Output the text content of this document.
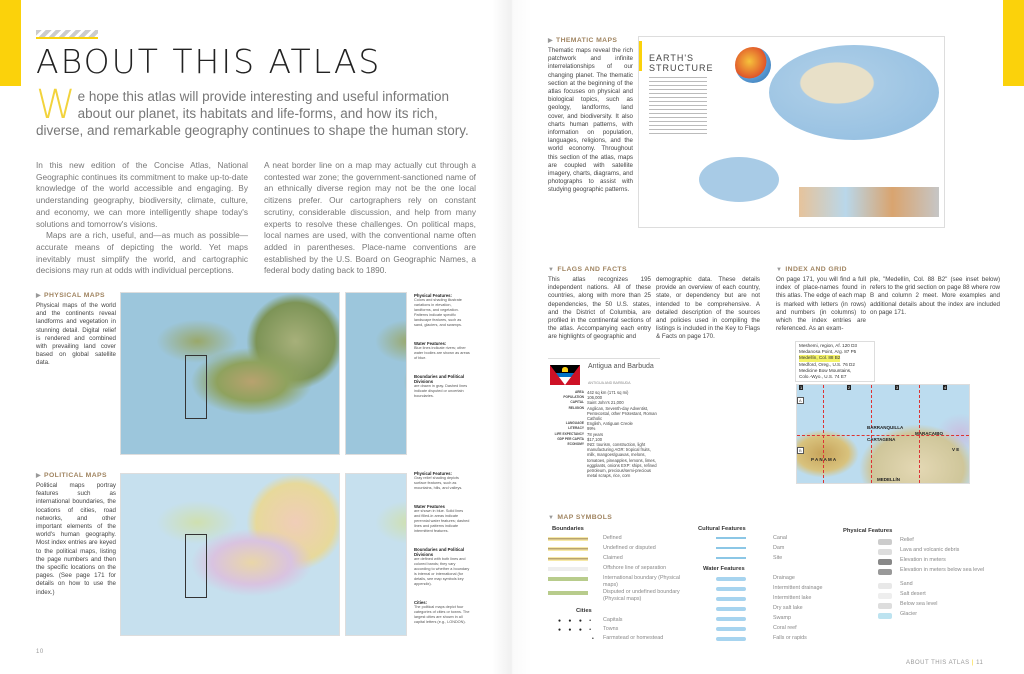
ABOUT THIS ATLAS
We hope this atlas will provide interesting and useful information about our planet, its habitats and life-forms, and how its rich, diverse, and remarkable geography continues to shape the human story.

In this new edition of the Concise Atlas, National Geographic continues its commitment to make up-to-date knowledge of the world accessible and engaging. By understanding geography, biodiversity, climate, culture, and economy, we can more intelligently shape today's solutions and tomorrow's visions.

Maps are a rich, useful, and—as much as possible—accurate means of depicting the world. Yet maps inevitably must simplify the world, and cartographic decisions may run at odds with individual perceptions.

A neat border line on a map may actually cut through a contested war zone; the government-sanctioned name of an ethnically diverse region may not be the one local citizens prefer. Our cartographers rely on constant scrutiny, considerable discussion, and help from many experts to resolve these challenges. On political maps, local names are used, with the conventional name often added in parentheses. Place-name conventions are established by the U.S. Board on Geographic Names, a federal body dating back to 1890.

▶ PHYSICAL MAPS
Physical maps of the world and the continents reveal landforms and vegetation in stunning detail. Digital relief is rendered and combined with prevailing land cover based on global satellite data.
Physical Features:
Colors and shading illustrate variations in elevation, landforms, and vegetation. Patterns indicate specific landscape features, such as sand, glaciers, and swamps.
Water Features:
Blue lines indicate rivers; other water bodies are shown as areas of blue.
Boundaries and Political Divisions
are drawn in gray. Dashed lines indicate disputed or uncertain boundaries.
▶ POLITICAL MAPS
Political maps portray features such as international boundaries, the locations of cities, road networks, and other important elements of the world's human geography. Most index entries are keyed to the political maps, listing the page numbers and then the specific locations on the pages. (See page 171 for details on how to use the index.)
Physical Features:
Gray relief shading depicts surface features, such as mountains, hills, and valleys.
Water Features
are shown in blue. Solid lines and filled-in areas indicate perennial water features; dashed lines and patterns indicate intermittent features.
Boundaries and Political Divisions
are defined with both lines and colored bands; they vary according to whether a boundary is internal or international (for details, see map symbols key appendix).
Cities:
The political maps depict four categories of cities or towns. The largest cities are shown in all capital letters (e.g., LONDON).
10
▶ THEMATIC MAPS
Thematic maps reveal the rich patchwork and infinite interrelationships of our changing planet. The thematic section at the beginning of the atlas focuses on physical and biological topics, such as geology, landforms, land cover, and biodiversity. It also charts human patterns, with information on population, languages, religions, and the world economy. Throughout this section of the atlas, maps are coupled with satellite imagery, charts, diagrams, and photographs to assist with studying geographic patterns.
EARTH'S STRUCTURE
▼ FLAGS AND FACTS
This atlas recognizes 195 independent nations. All of these countries, along with more than 25 dependencies, the 50 U.S. states, and the District of Columbia, are profiled in the continental sections of the atlas. Accompanying each entry are highlights of geographic and
demographic data. These details provide an overview of each country, state, or dependency but are not intended to be comprehensive. A detailed description of the sources and policies used in compiling the listings is included in the Key to Flags & Facts on page 170.
Antigua and Barbuda
ANTIGUA AND BARBUDA
AREA 442 sq km (171 sq mi)
POPULATION 106,000
CAPITAL Saint John's 21,000
RELIGION Anglican, Seventh-day Adventist, Pentecostal, other Protestant, Roman Catholic
LANGUAGE English, Antiguan Creole
LITERACY 99%
LIFE EXPECTANCY 78 years
GDP PER CAPITA $17,100
ECONOMY IND: tourism, construction, light manufacturing AGR: tropical fruits, milk, mangoes/guavas, melons, tomatoes, pineapples, lemons, limes, eggplants, onions EXP: ships, refined petroleum, precious/semi-precious metal scraps, rice, corn
▼ INDEX AND GRID
On page 171, you will find a full index of place-names found in this atlas. The edge of each map is marked with letters (in rows) and numbers (in columns) to which the index entries are referenced. As an exam-
ple, "Medellín, Col. 88 B2" (see inset below) refers to the grid section on page 88 where row B and column 2 meet. More examples and additional details about the index are included on page 171.
Meshemi, region, Af. 120 D3
Medanosa Point, Arg. 87 P5
Medellín, Col. 88 B2
Medford, Oreg., U.S. 76 D2
Medicine Bow Mountains,
Colo.-Wyo., U.S. 74 E7
1	2	3	4
A
B
BARRANQUILLA
CARTAGENA
MARACAIBO
MEDELLÍN
P A N A M A
V E
▼ MAP SYMBOLS
Boundaries
Defined
Undefined or disputed
Claimed
Offshore line of separation
International boundary (Physical maps)
Disputed or undefined boundary (Physical maps)
Cultural Features
Canal
Dam
Site
Water Features
Drainage
Intermittent drainage
Intermittent lake
Dry salt lake
Swamp
Coral reef
Falls or rapids
Physical Features
Relief
Lava and volcanic debris
Elevation in meters
Elevation in meters below sea level
Sand
Salt desert
Below sea level
Glacier
Cities
● ● ● • Capitals
● ● ● • Towns
• Farmstead or homestead
ABOUT THIS ATLAS | 11
